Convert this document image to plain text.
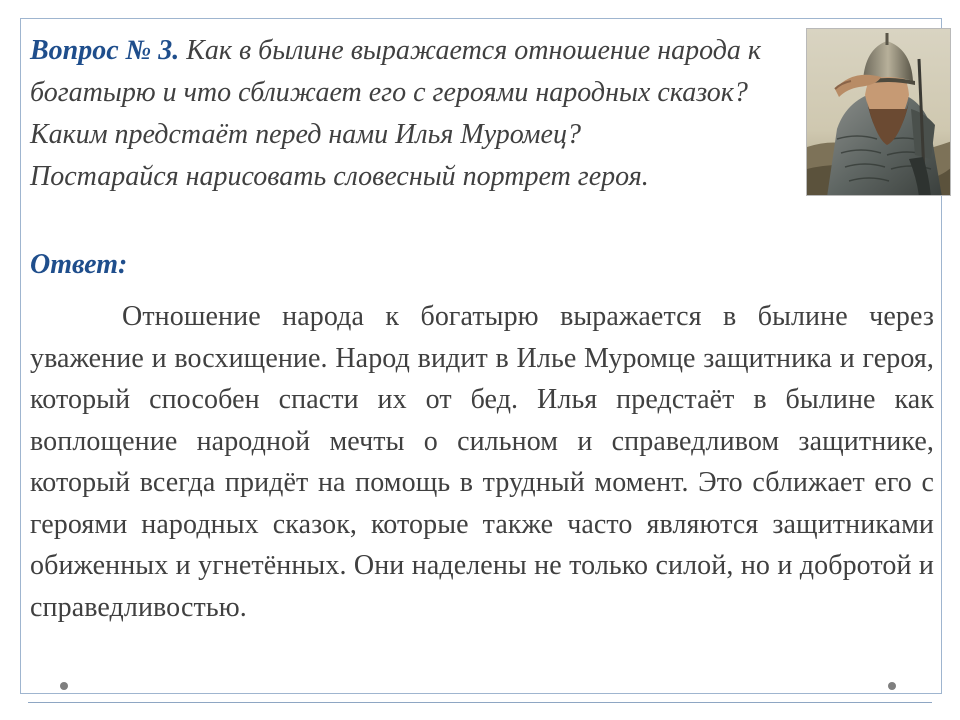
Вопрос № 3. Как в былине выражается отношение народа к богатырю и что сближает его с героями народных сказок? Каким предстаёт перед нами Илья Муромец?
Постарайся нарисовать словесный портрет героя.

Ответ:

Отношение народа к богатырю выражается в былине через уважение и восхищение. Народ видит в Илье Муромце защитника и героя, который способен спасти их от бед. Илья предстаёт в былине как воплощение народной мечты о сильном и справедливом защитнике, который всегда придёт на помощь в трудный момент. Это сближает его с героями народных сказок, которые также часто являются защитниками обиженных и угнетённых. Они наделены не только силой, но и добротой и справедливостью.
